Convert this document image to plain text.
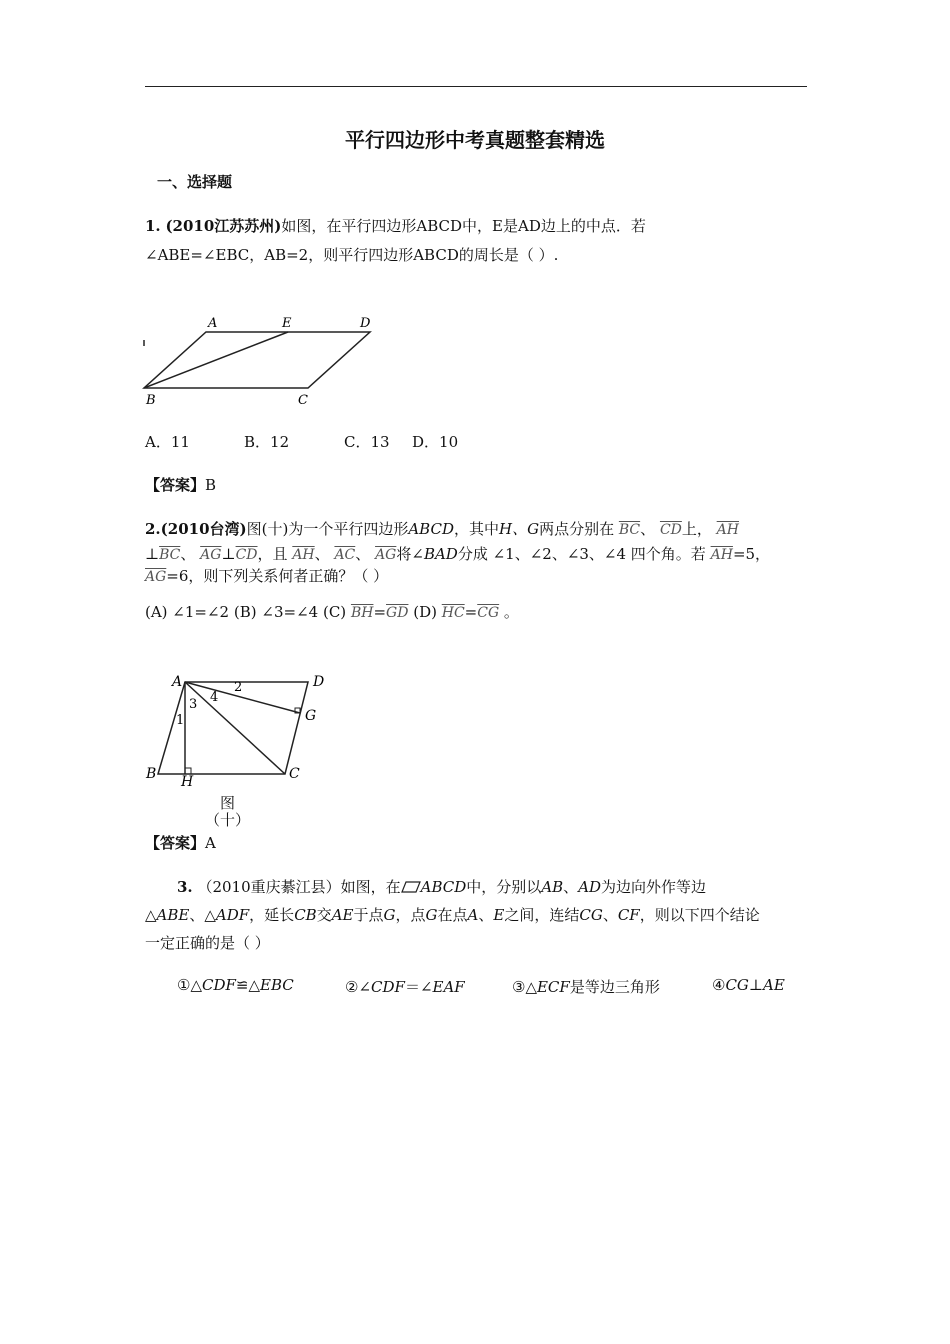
平行四边形中考真题整套精选
一、选择题
1. (2010江苏苏州)如图，在平行四边形ABCD中，E是AD边上的中点．若
∠ABE=∠EBC，AB=2，则平行四边形ABCD的周长是（ ）.
A	E	D
B	C
A．11	B．12	C．13 D．10
【答案】B
2.(2010台湾)图(十)为一个平行四边形ABCD，其中H、G两点分别在 $\overline{BC}$、 $\overline{CD}$上， $\overline{AH}$
$\perp\overline{BC}$、 $\overline{AG}\perp\overline{CD}$，且 $\overline{AH}$、 $\overline{AC}$、 $\overline{AG}$将∠BAD分成 ∠1、∠2、∠3、∠4 四个角。若 $\overline{AH}=5$，
$\overline{AG}=6$，则下列关系何者正确？（ ）
(A) ∠1=∠2 (B) ∠3=∠4 (C) $\overline{BH}=\overline{GD}$ (D) $\overline{HC}=\overline{CG}$ 。
A	D
B	C
H
G
1
2
3 4
图
（十）
【答案】A
3. （2010重庆綦江县）如图，在 ABCD中，分别以AB、AD为边向外作等边
△ABE、△ADF，延长CB交AE于点G，点G在点A、E之间，连结CG、CF，则以下四个结论
一定正确的是（ ）
①△CDF≌△EBC	②∠CDF＝∠EAF	③△ECF是等边三角形	④CG⊥AE
